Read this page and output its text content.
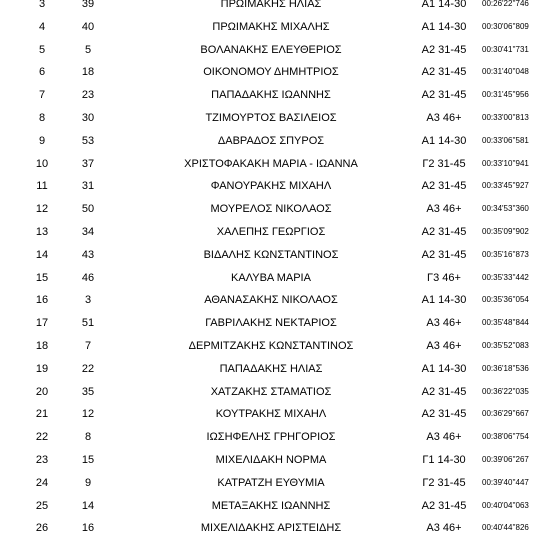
3	39	ΠΡΩΙΜΑΚΗΣ ΗΛΙΑΣ	Α1 14-30	00:26'22''746
4	40	ΠΡΩΙΜΑΚΗΣ ΜΙΧΑΛΗΣ	Α1 14-30	00:30'06''809
5	5	ΒΟΛΑΝΑΚΗΣ ΕΛΕΥΘΕΡΙΟΣ	Α2 31-45	00:30'41''731
6	18	ΟΙΚΟΝΟΜΟΥ ΔΗΜΗΤΡΙΟΣ	Α2 31-45	00:31'40''048
7	23	ΠΑΠΑΔΑΚΗΣ ΙΩΑΝΝΗΣ	Α2 31-45	00:31'45''956
8	30	ΤΖΙΜΟΥΡΤΟΣ ΒΑΣΙΛΕΙΟΣ	Α3 46+	00:33'00''813
9	53	ΔΑΒΡΑΔΟΣ ΣΠΥΡΟΣ	Α1 14-30	00:33'06''581
10	37	ΧΡΙΣΤΟΦΑΚΑΚΗ ΜΑΡΙΑ - ΙΩΑΝΝΑ	Γ2 31-45	00:33'10''941
11	31	ΦΑΝΟΥΡΑΚΗΣ ΜΙΧΑΗΛ	Α2 31-45	00:33'45''927
12	50	ΜΟΥΡΕΛΟΣ ΝΙΚΟΛΑΟΣ	Α3 46+	00:34'53''360
13	34	ΧΑΛΕΠΗΣ ΓΕΩΡΓΙΟΣ	Α2 31-45	00:35'09''902
14	43	ΒΙΔΑΛΗΣ ΚΩΝΣΤΑΝΤΙΝΟΣ	Α2 31-45	00:35'16''873
15	46	ΚΑΛΥΒΑ ΜΑΡΙΑ	Γ3 46+	00:35'33''442
16	3	ΑΘΑΝΑΣΑΚΗΣ ΝΙΚΟΛΑΟΣ	Α1 14-30	00:35'36''054
17	51	ΓΑΒΡΙΛΑΚΗΣ ΝΕΚΤΑΡΙΟΣ	Α3 46+	00:35'48''844
18	7	ΔΕΡΜΙΤΖΑΚΗΣ ΚΩΝΣΤΑΝΤΙΝΟΣ	Α3 46+	00:35'52''083
19	22	ΠΑΠΑΔΑΚΗΣ ΗΛΙΑΣ	Α1 14-30	00:36'18''536
20	35	ΧΑΤΖΑΚΗΣ ΣΤΑΜΑΤΙΟΣ	Α2 31-45	00:36'22''035
21	12	ΚΟΥΤΡΑΚΗΣ ΜΙΧΑΗΛ	Α2 31-45	00:36'29''667
22	8	ΙΩΣΗΦΕΛΗΣ ΓΡΗΓΟΡΙΟΣ	Α3 46+	00:38'06''754
23	15	ΜΙΧΕΛΙΔΑΚΗ ΝΟΡΜΑ	Γ1 14-30	00:39'06''267
24	9	ΚΑΤΡΑΤΖΗ ΕΥΘΥΜΙΑ	Γ2 31-45	00:39'40''447
25	14	ΜΕΤΑΞΑΚΗΣ ΙΩΑΝΝΗΣ	Α2 31-45	00:40'04''063
26	16	ΜΙΧΕΛΙΔΑΚΗΣ ΑΡΙΣΤΕΙΔΗΣ	Α3 46+	00:40'44''826
